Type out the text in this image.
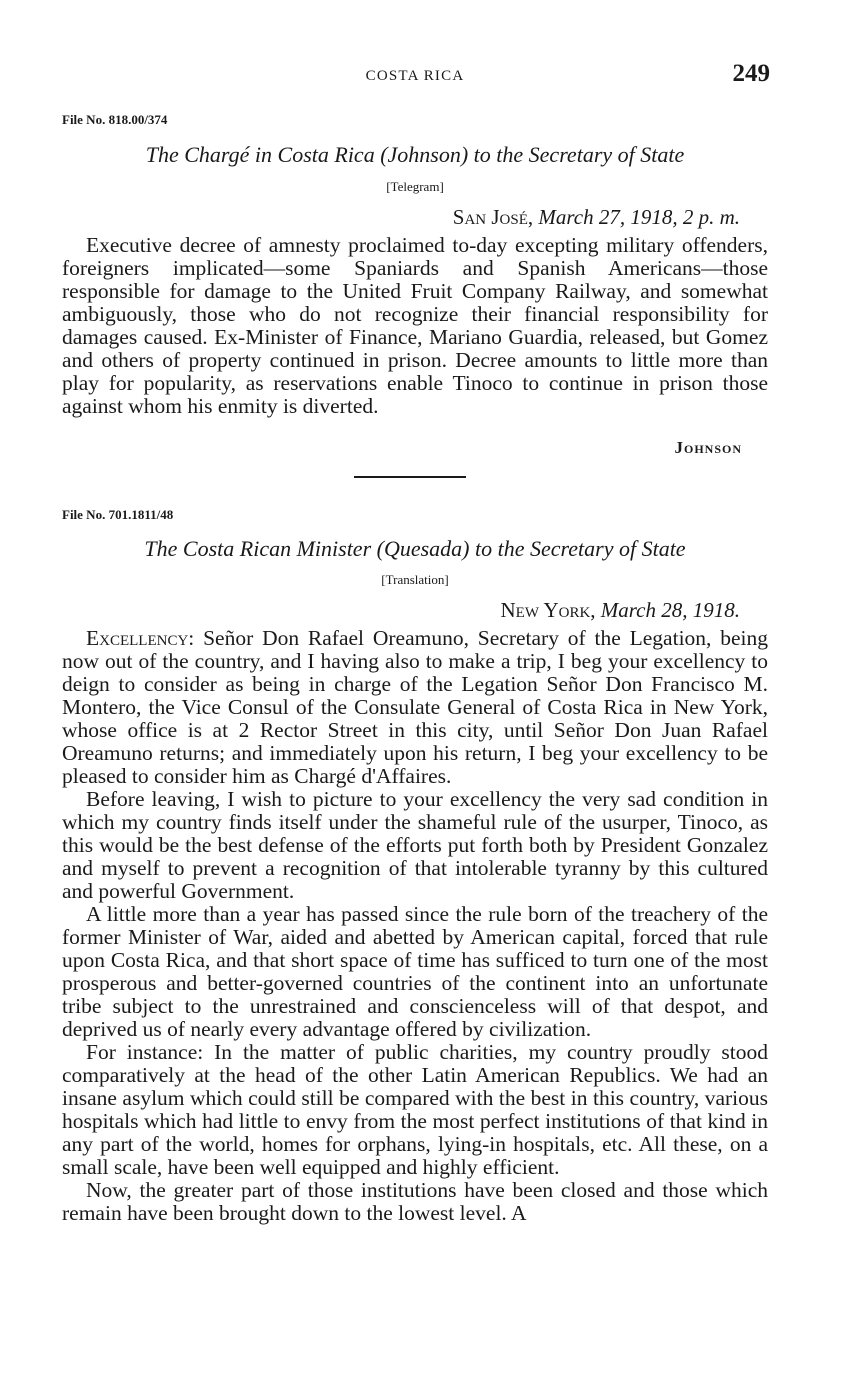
COSTA RICA	249
File No. 818.00/374
The Chargé in Costa Rica (Johnson) to the Secretary of State
[Telegram]
San José, March 27, 1918, 2 p. m.

Executive decree of amnesty proclaimed to-day excepting military offenders, foreigners implicated—some Spaniards and Spanish Americans—those responsible for damage to the United Fruit Company Railway, and somewhat ambiguously, those who do not recognize their financial responsibility for damages caused. Ex-Minister of Finance, Mariano Guardia, released, but Gomez and others of property continued in prison. Decree amounts to little more than play for popularity, as reservations enable Tinoco to continue in prison those against whom his enmity is diverted.

Johnson
File No. 701.1811/48
The Costa Rican Minister (Quesada) to the Secretary of State
[Translation]
New York, March 28, 1918.

Excellency: Señor Don Rafael Oreamuno, Secretary of the Legation, being now out of the country, and I having also to make a trip, I beg your excellency to deign to consider as being in charge of the Legation Señor Don Francisco M. Montero, the Vice Consul of the Consulate General of Costa Rica in New York, whose office is at 2 Rector Street in this city, until Señor Don Juan Rafael Oreamuno returns; and immediately upon his return, I beg your excellency to be pleased to consider him as Chargé d'Affaires.

Before leaving, I wish to picture to your excellency the very sad condition in which my country finds itself under the shameful rule of the usurper, Tinoco, as this would be the best defense of the efforts put forth both by President Gonzalez and myself to prevent a recognition of that intolerable tyranny by this cultured and powerful Government.

A little more than a year has passed since the rule born of the treachery of the former Minister of War, aided and abetted by American capital, forced that rule upon Costa Rica, and that short space of time has sufficed to turn one of the most prosperous and better-governed countries of the continent into an unfortunate tribe subject to the unrestrained and conscienceless will of that despot, and deprived us of nearly every advantage offered by civilization.

For instance: In the matter of public charities, my country proudly stood comparatively at the head of the other Latin American Republics. We had an insane asylum which could still be compared with the best in this country, various hospitals which had little to envy from the most perfect institutions of that kind in any part of the world, homes for orphans, lying-in hospitals, etc. All these, on a small scale, have been well equipped and highly efficient.

Now, the greater part of those institutions have been closed and those which remain have been brought down to the lowest level. A
